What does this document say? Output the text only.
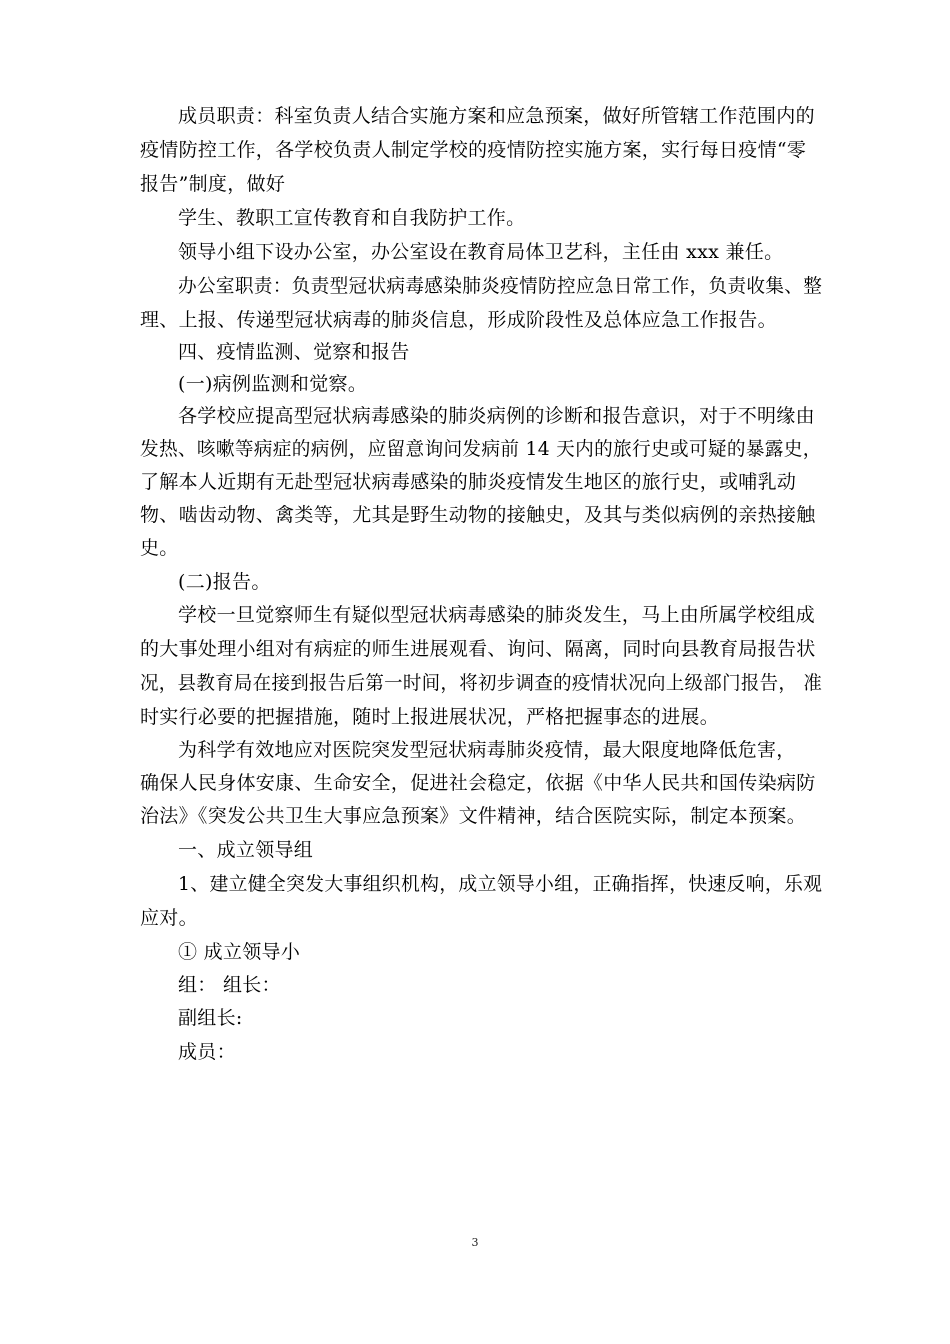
成员职责：科室负责人结合实施方案和应急预案，做好所管辖工作范围内的
疫情防控工作，各学校负责人制定学校的疫情防控实施方案，实行每日疫情“零
报告”制度，做好
学生、教职工宣传教育和自我防护工作。
领导小组下设办公室，办公室设在教育局体卫艺科，主任由 xxx 兼任。
办公室职责：负责型冠状病毒感染肺炎疫情防控应急日常工作，负责收集、整
理、上报、传递型冠状病毒的肺炎信息，形成阶段性及总体应急工作报告。
四、疫情监测、觉察和报告
(一)病例监测和觉察。
各学校应提高型冠状病毒感染的肺炎病例的诊断和报告意识，对于不明缘由
发热、咳嗽等病症的病例，应留意询问发病前 14 天内的旅行史或可疑的暴露史，
了解本人近期有无赴型冠状病毒感染的肺炎疫情发生地区的旅行史，或哺乳动
物、啮齿动物、禽类等，尤其是野生动物的接触史，及其与类似病例的亲热接触
史。
(二)报告。
学校一旦觉察师生有疑似型冠状病毒感染的肺炎发生，马上由所属学校组成
的大事处理小组对有病症的师生进展观看、询问、隔离，同时向县教育局报告状
况，县教育局在接到报告后第一时间，将初步调查的疫情状况向上级部门报告， 准
时实行必要的把握措施，随时上报进展状况，严格把握事态的进展。
为科学有效地应对医院突发型冠状病毒肺炎疫情，最大限度地降低危害，
确保人民身体安康、生命安全，促进社会稳定，依据《中华人民共和国传染病防
治法》《突发公共卫生大事应急预案》文件精神，结合医院实际，制定本预案。
一、成立领导组
1、建立健全突发大事组织机构，成立领导小组，正确指挥，快速反响，乐观
应对。
① 成立领导小
组： 组长：
副组长:
成员：
3
